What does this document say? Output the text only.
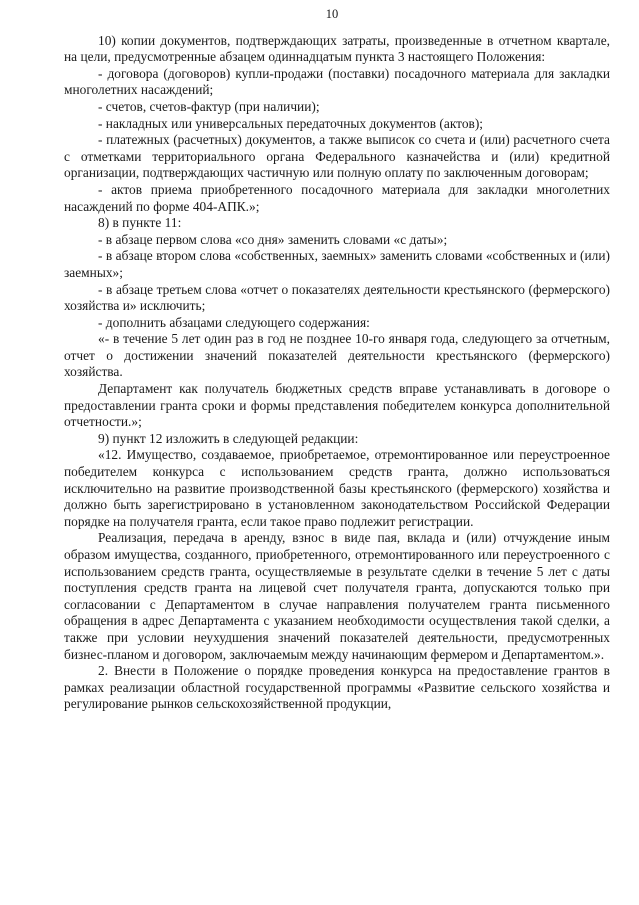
10

10) копии документов, подтверждающих затраты, произведенные в отчетном квартале, на цели, предусмотренные абзацем одиннадцатым пункта 3 настоящего Положения:

- договора (договоров) купли-продажи (поставки) посадочного материала для закладки многолетних насаждений;

- счетов, счетов-фактур (при наличии);

- накладных или универсальных передаточных документов (актов);

- платежных (расчетных) документов, а также выписок со счета и (или) расчетного счета с отметками территориального органа Федерального казначейства и (или) кредитной организации, подтверждающих частичную или полную оплату по заключенным договорам;

- актов приема приобретенного посадочного материала для закладки многолетних насаждений по форме 404-АПК.»;

8) в пункте 11:

- в абзаце первом слова «со дня» заменить словами «с даты»;

- в абзаце втором слова «собственных, заемных» заменить словами «собственных и (или) заемных»;

- в абзаце третьем слова «отчет о показателях деятельности крестьянского (фермерского) хозяйства и» исключить;

- дополнить абзацами следующего содержания:

«- в течение 5 лет один раз в год не позднее 10-го января года, следующего за отчетным, отчет о достижении значений показателей деятельности крестьянского (фермерского) хозяйства.

Департамент как получатель бюджетных средств вправе устанавливать в договоре о предоставлении гранта сроки и формы представления победителем конкурса дополнительной отчетности.»;

9) пункт 12 изложить в следующей редакции:

«12. Имущество, создаваемое, приобретаемое, отремонтированное или переустроенное победителем конкурса с использованием средств гранта, должно использоваться исключительно на развитие производственной базы крестьянского (фермерского) хозяйства и должно быть зарегистрировано в установленном законодательством Российской Федерации порядке на получателя гранта, если такое право подлежит регистрации.

Реализация, передача в аренду, взнос в виде пая, вклада и (или) отчуждение иным образом имущества, созданного, приобретенного, отремонтированного или переустроенного с использованием средств гранта, осуществляемые в результате сделки в течение 5 лет с даты поступления средств гранта на лицевой счет получателя гранта, допускаются только при согласовании с Департаментом в случае направления получателем гранта письменного обращения в адрес Департамента с указанием необходимости осуществления такой сделки, а также при условии неухудшения значений показателей деятельности, предусмотренных бизнес-планом и договором, заключаемым между начинающим фермером и Департаментом.».

2. Внести в Положение о порядке проведения конкурса на предоставление грантов в рамках реализации областной государственной программы «Развитие сельского хозяйства и регулирование рынков сельскохозяйственной продукции,
